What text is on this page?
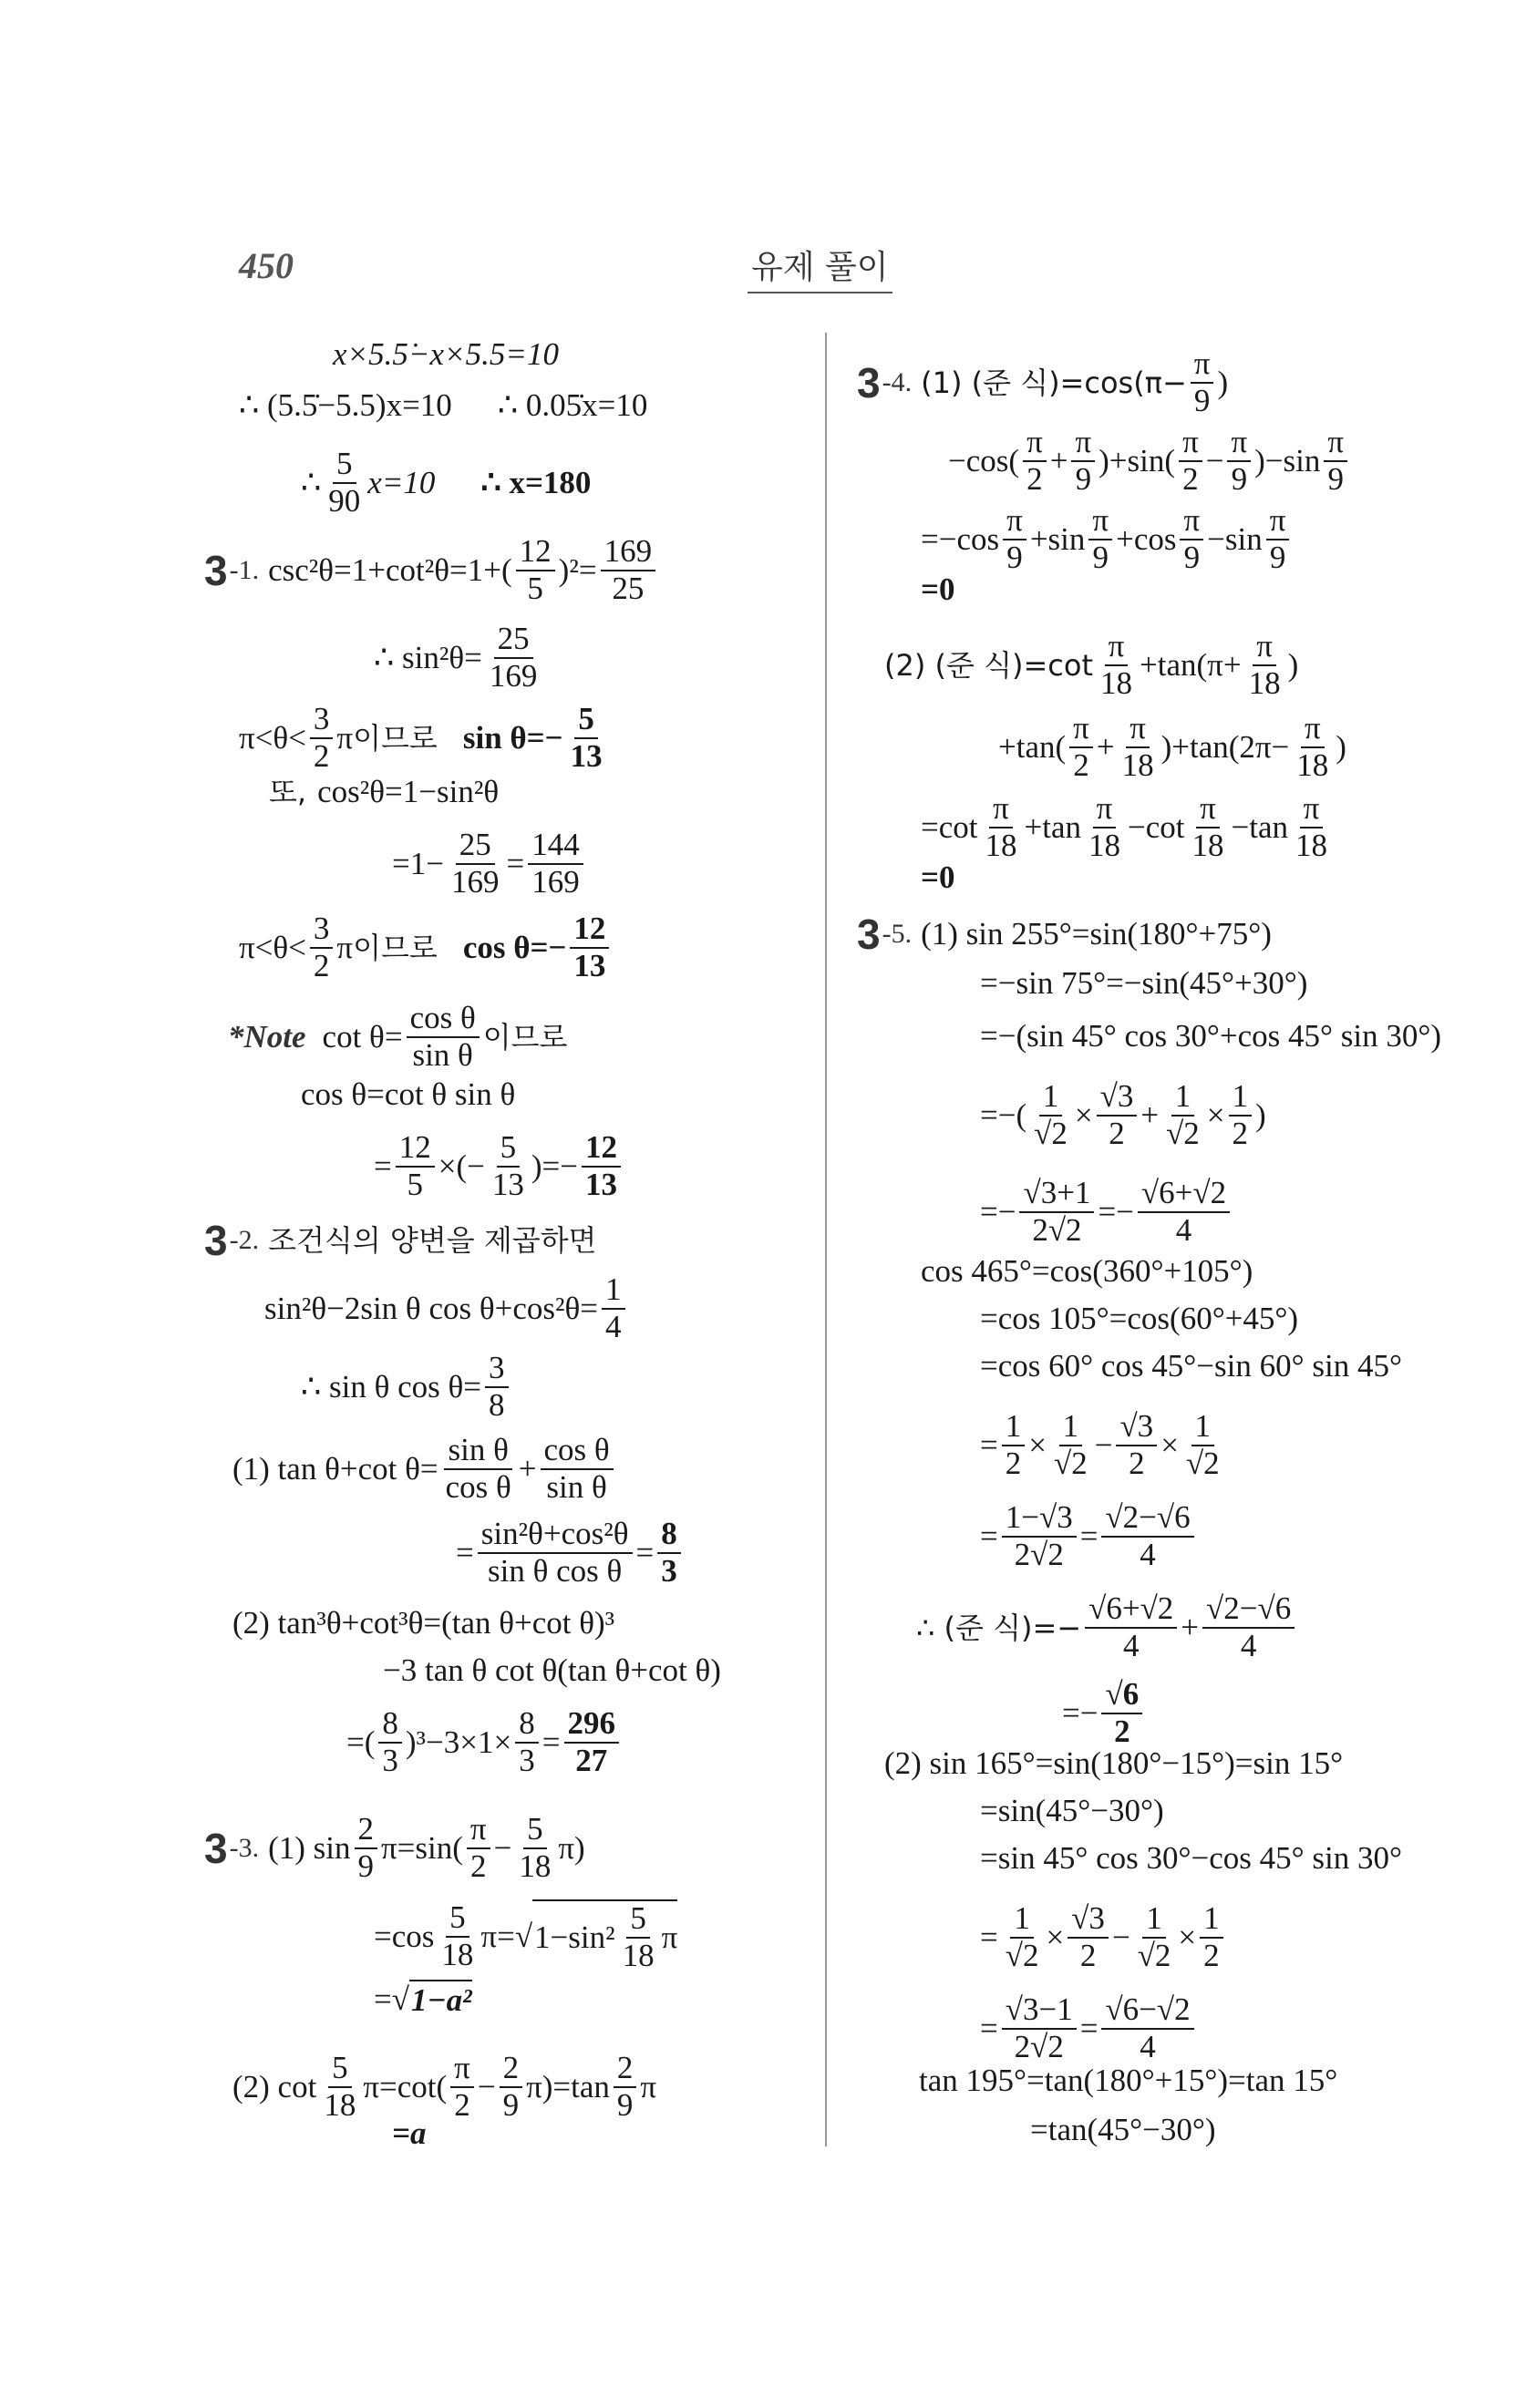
450	유제 풀이
x×5.5̇−x×5.5=10
∴ (5.5̇−5.5)x=10 ∴ 0.05̇x=10
∴ $\frac{5}{90} x=10$ ∴ x=180
3 -1. $\csc^2\theta=1+\cot^2\theta=1+( \frac{12}{5} )^2= \frac{169}{25}$
∴ $\sin^2\theta= \frac{25}{169}$
$\pi<\theta< \frac{3}{2}$ π 이므로 $\sin \theta=- \frac{5}{13}$
또, cos²θ=1−sin²θ
$=1- \frac{25}{169} = \frac{144}{169}$
$\pi<\theta< \frac{3}{2}$ π 이므로 $\cos \theta=- \frac{12}{13}$
*Note $\cot \theta= \frac{\text{cos θ}}{\text{sin θ}}$ 이므로
cos θ=cot θ sin θ
= $\frac{12}{5}$ ×(− $\frac{5}{13}$ )=− $\frac{12}{13}$
3 -2. 조건식의 양변을 제곱하면
sin²θ−2sin θ $\cos \theta+\cos^2\theta= \frac{1}{4}$
∴ sin θ $\cos \theta= \frac{3}{8}$
(1) tan θ+cot $\theta= \frac{\text{sin θ}}{\text{cos θ}} + \frac{\text{cos θ}}{\text{sin θ}}$
= $\frac{\text{sin²θ+cos²θ}}{\text{sin θ cos θ}} = \frac{8}{3}$
(2) tan³θ+cot³θ=(tan θ+cot θ)³
−3 tan θ cot θ(tan θ+cot θ)
=( $\frac{8}{3} )^3-3\times 1\times \frac{8}{3} = \frac{296}{27}$
3 -3. (1) $\sin \frac{2}{9} \pi=\sin( \frac{\pi}{2} - \frac{5}{18} \pi)$
$=\cos \frac{5}{18} \pi=√$ $1-\sin^2 \frac{5}{18}$ π
=√ 1−a²
(2) $\cot \frac{5}{18} \pi=\cot( \frac{\pi}{2} - \frac{2}{9} \pi)=\tan \frac{2}{9}$ π
=a
3 -4. (1) (준 식)$=\cos(\pi- \frac{\pi}{9}$ )
$-\cos( \frac{\pi}{2} + \frac{\pi}{9} )+\sin( \frac{\pi}{2} - \frac{\pi}{9} )-\sin \frac{\pi}{9}$
$=-\cos \frac{\pi}{9} +\sin \frac{\pi}{9} +\cos \frac{\pi}{9} -\sin \frac{\pi}{9}$
=0
(2) (준 식)$=\cot \frac{\pi}{18} +\tan(\pi+ \frac{\pi}{18}$ )
$+\tan( \frac{\pi}{2} + \frac{\pi}{18} )+\tan(2\pi- \frac{\pi}{18}$ )
$=\cot \frac{\pi}{18} +\tan \frac{\pi}{18} -\cot \frac{\pi}{18} -\tan \frac{\pi}{18}$
=0
3 -5. (1) sin 255°=sin(180°+75°)
=−sin 75°=−sin(45°+30°)
=−(sin 45° cos 30°+cos 45° sin 30°)
=−( $\frac{1}{√2} \times \frac{√3}{2} + \frac{1}{√2} \times \frac{1}{2}$ )
=− $\frac{√3+1}{2√2} =- \frac{√6+√2}{4}$
cos 465°=cos(360°+105°)
=cos 105°=cos(60°+45°)
=cos 60° cos 45°−sin 60° sin 45°
= $\frac{1}{2} \times \frac{1}{√2} - \frac{√3}{2} \times \frac{1}{√2}$
= $\frac{1-√3}{2√2} = \frac{√2-√6}{4}$
∴ (준 식)=− $\frac{√6+√2}{4} + \frac{√2-√6}{4}$
=− $\frac{√6}{2}$
(2) sin 165°=sin(180°−15°)=sin 15°
=sin(45°−30°)
=sin 45° cos 30°−cos 45° sin 30°
= $\frac{1}{√2} \times \frac{√3}{2} - \frac{1}{√2} \times \frac{1}{2}$
= $\frac{√3-1}{2√2} = \frac{√6-√2}{4}$
tan 195°=tan(180°+15°)=tan 15°
=tan(45°−30°)
